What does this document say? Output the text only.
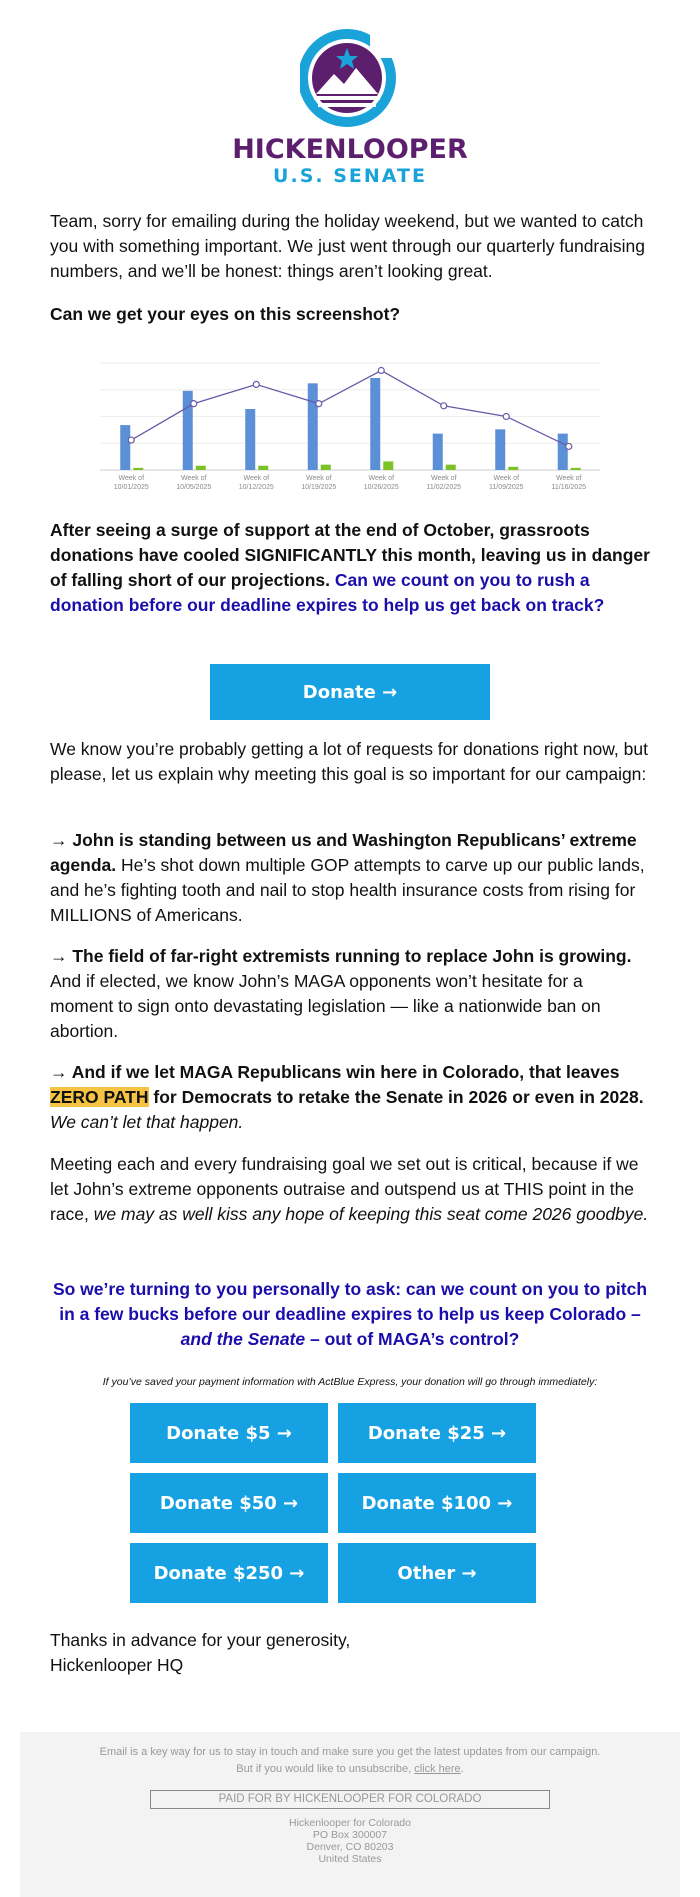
HICKENLOOPER
U.S. SENATE

Team, sorry for emailing during the holiday weekend, but we wanted to catch you with something important. We just went through our quarterly fundraising numbers, and we’ll be honest: things aren’t looking great.

Can we get your eyes on this screenshot?

Week of
10/01/2025
Week of
10/05/2025
Week of
10/12/2025
Week of
10/19/2025
Week of
10/26/2025
Week of
11/02/2025
Week of
11/09/2025
Week of
11/16/2025

After seeing a surge of support at the end of October, grassroots donations have cooled SIGNIFICANTLY this month, leaving us in danger of falling short of our projections. Can we count on you to rush a donation before our deadline expires to help us get back on track?

Donate →

We know you’re probably getting a lot of requests for donations right now, but please, let us explain why meeting this goal is so important for our campaign:

→ John is standing between us and Washington Republicans’ extreme agenda. He’s shot down multiple GOP attempts to carve up our public lands, and he’s fighting tooth and nail to stop health insurance costs from rising for MILLIONS of Americans.

→ The field of far-right extremists running to replace John is growing. And if elected, we know John’s MAGA opponents won’t hesitate for a moment to sign onto devastating legislation — like a nationwide ban on abortion.

→ And if we let MAGA Republicans win here in Colorado, that leaves ZERO PATH for Democrats to retake the Senate in 2026 or even in 2028. We can’t let that happen.

Meeting each and every fundraising goal we set out is critical, because if we let John’s extreme opponents outraise and outspend us at THIS point in the race, we may as well kiss any hope of keeping this seat come 2026 goodbye.

So we’re turning to you personally to ask: can we count on you to pitch in a few bucks before our deadline expires to help us keep Colorado – and the Senate – out of MAGA’s control?
If you’ve saved your payment information with ActBlue Express, your donation will go through immediately:
Donate $5 →	Donate $25 →
Donate $50 →	Donate $100 →
Donate $250 →	Other →

Thanks in advance for your generosity,

Hickenlooper HQ

Email is a key way for us to stay in touch and make sure you get the latest updates from our campaign.
But if you would like to unsubscribe, click here.
PAID FOR BY HICKENLOOPER FOR COLORADO
Hickenlooper for Colorado
PO Box 300007
Denver, CO 80203
United States
